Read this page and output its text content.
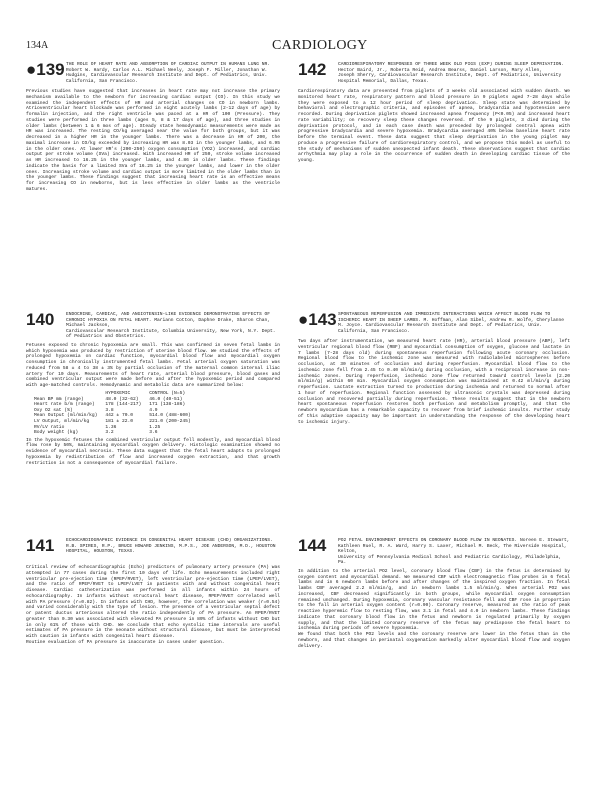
134A	CARDIOLOGY
●139 THE ROLE OF HEART RATE AND ABSORPTION OF CARDIAC OUTPUT IN HUMANS LUNG NR. Robert W. Hardy, Carlos A.L. Michael Neely, Joseph F. Miller, Jonathan W.
Hudgins, Cardiovascular Research Institute and Dept. of Pediatrics, Univ. California, San Francisco.

Previous studies have suggested that increases in heart rate may not increase the primary mechanism available to the newborn for increasing cardiac output (CO). In this study we examined the independent effects of HR and arterial changes on CO in newborn lambs. Atrioventricular heart blockade was performed in eight acutely lambs (2-12 days of age) by formalin injection, and the right ventricle was paced at a HR of 100 (Pressure). They studies were performed in three lambs (ages 5, 8 & 17 days of age), and three studies in older lambs (between 1 & 6 mos of age). Steady state hemodynamic measurements were made as HR was increased. The resting CO/kg averaged near the value for both groups, but it was decreased in a higher HR in the younger lambs. There was a decrease in HR of 200, the maximal increase in CO/kg exceeded by increasing HR was 8.03 in the younger lambs, and 6.95 in the older ones. At lower HR's (200-250) oxygen consumption (VO2) increased, and cardiac output per stroke volume (SVa) increased. With increased HR of 250, stroke volume increased as HR increased to 16.25 in the younger lambs, and 4.86 in older lambs. These findings indicate the basis for a limited SVa of 16.25 in the younger lambs, and lower in the older ones. Increasing stroke volume and cardiac output is more limited in the older lambs than in the younger lambs. These findings suggest that increasing heart rate is an effective means for increasing CO in newborns, but is less effective in older lambs as the ventricle matures.

142	CARDIORESPIRATORY RESPONSES OF THREE WEEK OLD PIGS (EXP) DURING SLEEP DEPRIVATION. Hector Baird, Jr., Roberta Reid, Andrea Bearss, Daniel Larson, Mary Allen,
Joseph Sherry, Cardiovascular Research Institute, Dept. of Pediatrics, University Hospital Memorial, Dallas, Texas.

Cardiorespiratory data are presented from piglets of 3 weeks old associated with sudden death. We monitored heart rate, respiratory pattern and blood pressure in 9 piglets aged 7-28 days while they were exposed to a 12 hour period of sleep deprivation. Sleep state was determined by behavioral and electrographic criteria, and episodes of apnea, bradycardia and hypotension were recorded. During deprivation piglets showed increased apnea frequency (P<0.05) and increased heart rate variability; on recovery sleep these changes reversed. Of the 9 piglets, 3 died during the deprivation protocol, and in each case death was preceded by prolonged central apnea with progressive bradycardia and severe hypoxemia. Bradycardia averaged 40% below baseline heart rate before the terminal event. These data suggest that sleep deprivation in the young piglet may produce a progressive failure of cardiorespiratory control, and we propose this model as useful to the study of mechanisms of sudden unexpected infant death. These observations suggest that cardiac arrhythmia may play a role in the occurrence of sudden death in developing cardiac tissue of the young.

140	ENDOCRINE, CARDIAC, AND ANGIOTENSIN-LIKE EVIDENCE DEMONSTRATING EFFECTS OF CHRONIC HYPOXIA ON FETAL HEART. Mariann Cotton, Daphne Drake, Sharon Chan, Michael Jackson,
Cardiovascular Research Institute, Columbia University, New York, N.Y. Dept. of Pediatrics and Obstetrics.

Fetuses exposed to chronic hypoxemia are small. This was confirmed in seven fetal lambs in which hypoxemia was produced by restriction of uterine blood flow. We studied the effects of prolonged hypoxemia on cardiac function, myocardial blood flow and myocardial oxygen consumption in chronically instrumented fetal lambs. Fetal arterial oxygen saturation was reduced from 58 ± 4 to 38 ± 3% by partial occlusion of the maternal common internal iliac artery for 10 days. Measurements of heart rate, arterial blood pressure, blood gases and combined ventricular output were made before and after the hypoxemic period and compared with age-matched controls. Hemodynamic and metabolic data are summarized below:

	HYPOXEMIC	CONTROL (N=5)
Mean BP mm (range)	48.0 (32-62)	46.0 (40-51)
Heart rate b/m (range)	178 (144-217)	171 (138-186)
Oxy O2 sat (%)	3.8	4.9
Mean Output (ml/min/kg)	442 ± 70.0	514.0 (488-600)
LV Output, ml/min/kg	181 ± 22.0	221.0 (200-245)
RV/LV ratio	1.36	1.25
Body weight (kg)	3.2	3.6

In the hypoxemic fetuses the combined ventricular output fell modestly, and myocardial blood flow rose by 50%, maintaining myocardial oxygen delivery. Histologic examination showed no evidence of myocardial necrosis. These data suggest that the fetal heart adapts to prolonged hypoxemia by redistribution of flow and increased oxygen extraction, and that growth restriction is not a consequence of myocardial failure.

●143 SPONTANEOUS REPERFUSION AND IMMEDIATE INTERACTIONS WHICH AFFECT BLOOD FLOW TO ISCHEMIC HEART IN SHEEP LAMBS. M. Hoffman, Alan Sibel, Andrew R. Wolfe, Cherylanne
M. Joyce. Cardiovascular Research Institute and Dept. of Pediatrics, Univ. California, San Francisco.

Two days after instrumentation, we measured heart rate (HR), arterial blood pressure (ABP), left ventricular regional blood flow (RBF) and myocardial consumption of oxygen, glucose and lactate in 7 lambs (7-28 days old) during spontaneous reperfusion following acute coronary occlusion. Regional blood flow to the ischemic zone was measured with radiolabeled microspheres before occlusion, at 30 minutes of occlusion and during reperfusion. Myocardial blood flow to the ischemic zone fell from 2.45 to 0.40 ml/min/g during occlusion, with a reciprocal increase in non-ischemic zones. During reperfusion, ischemic zone flow returned toward control levels (2.20 ml/min/g) within 60 min. Myocardial oxygen consumption was maintained at 0.42 ml/min/g during reperfusion. Lactate extraction turned to production during ischemia and returned to normal after 1 hour of reperfusion. Regional function assessed by ultrasonic crystals was depressed during occlusion and recovered partially during reperfusion. These results suggest that in the newborn heart spontaneous reperfusion restores both perfusion and metabolism promptly, and that the newborn myocardium has a remarkable capacity to recover from brief ischemic insults. Further study of this adaptive capacity may be important in understanding the response of the developing heart to ischemic injury.

141	ECHOCARDIOGRAPHIC EVIDENCE IN CONGENITAL HEART DISEASE (CHD) ORGANIZATIONS.
R.B. SPIRES, R.P., BRUCE HOWARD JENKINS, M.P.S., JOE ANDERSON, M.D., HOUSTON HOSPITAL, HOUSTON, TEXAS.

Critical review of echocardiographic (Echo) predictors of pulmonary artery pressure (PA) was attempted in 77 cases during the first 10 days of life. Echo measurements included right ventricular pre-ejection time (RPEP/RVET), left ventricular pre-ejection time (LPEP/LVET), and the ratio of RPEP/RVET to LPEP/LVET in patients with and without congenital heart disease. Cardiac catheterization was performed in all infants within 24 hours of echocardiography. In infants without structural heart disease, RPEP/RVET correlated well with PA pressure (r=0.82). In infants with CHD, however, the correlation was weaker (r=0.54) and varied considerably with the type of lesion. The presence of a ventricular septal defect or patent ductus arteriosus altered the ratio independently of PA pressure. An RPEP/RVET greater than 0.30 was associated with elevated PA pressure in 89% of infants without CHD but in only 61% of those with CHD. We conclude that echo systolic time intervals are useful estimates of PA pressure in the neonate without structural disease, but must be interpreted with caution in infants with congenital heart disease.

Routine evaluation of PA pressure is inaccurate in cases under question.

144	PO2 FETAL ENVIRONMENT EFFECTS ON CORONARY BLOOD FLOW IN NEONATES. Noreen E. Stewart, Kathleen Ruel, R. A. Ward, Harry S. Laxer, Michael M. Beck, The Riverside Hospital, Kelton,
University of Pennsylvania Medical School and Pediatric Cardiology, Philadelphia, Pa.

In addition to the arterial PO2 level, coronary blood flow (CBF) in the fetus is determined by oxygen content and myocardial demand. We measured CBF with electromagnetic flow probes in 6 fetal lambs and in 6 newborn lambs before and after changes of the inspired oxygen fraction. In fetal lambs CBF averaged 2.2 ml/min/g, and in newborn lambs 1.5 ml/min/g. When arterial PO2 was increased, CBF decreased significantly in both groups, while myocardial oxygen consumption remained unchanged. During hypoxemia, coronary vascular resistance fell and CBF rose in proportion to the fall in arterial oxygen content (r=0.90). Coronary reserve, measured as the ratio of peak reactive hyperemic flow to resting flow, was 3.1 in fetal and 4.0 in newborn lambs. These findings indicate that coronary blood flow in the fetus and newborn is regulated primarily by oxygen supply, and that the limited coronary reserve of the fetus may predispose the fetal heart to ischemia during periods of severe hypoxemia.

We found that both the PO2 levels and the coronary reserve are lower in the fetus than in the newborn, and that changes in perinatal oxygenation markedly alter myocardial blood flow and oxygen delivery.
